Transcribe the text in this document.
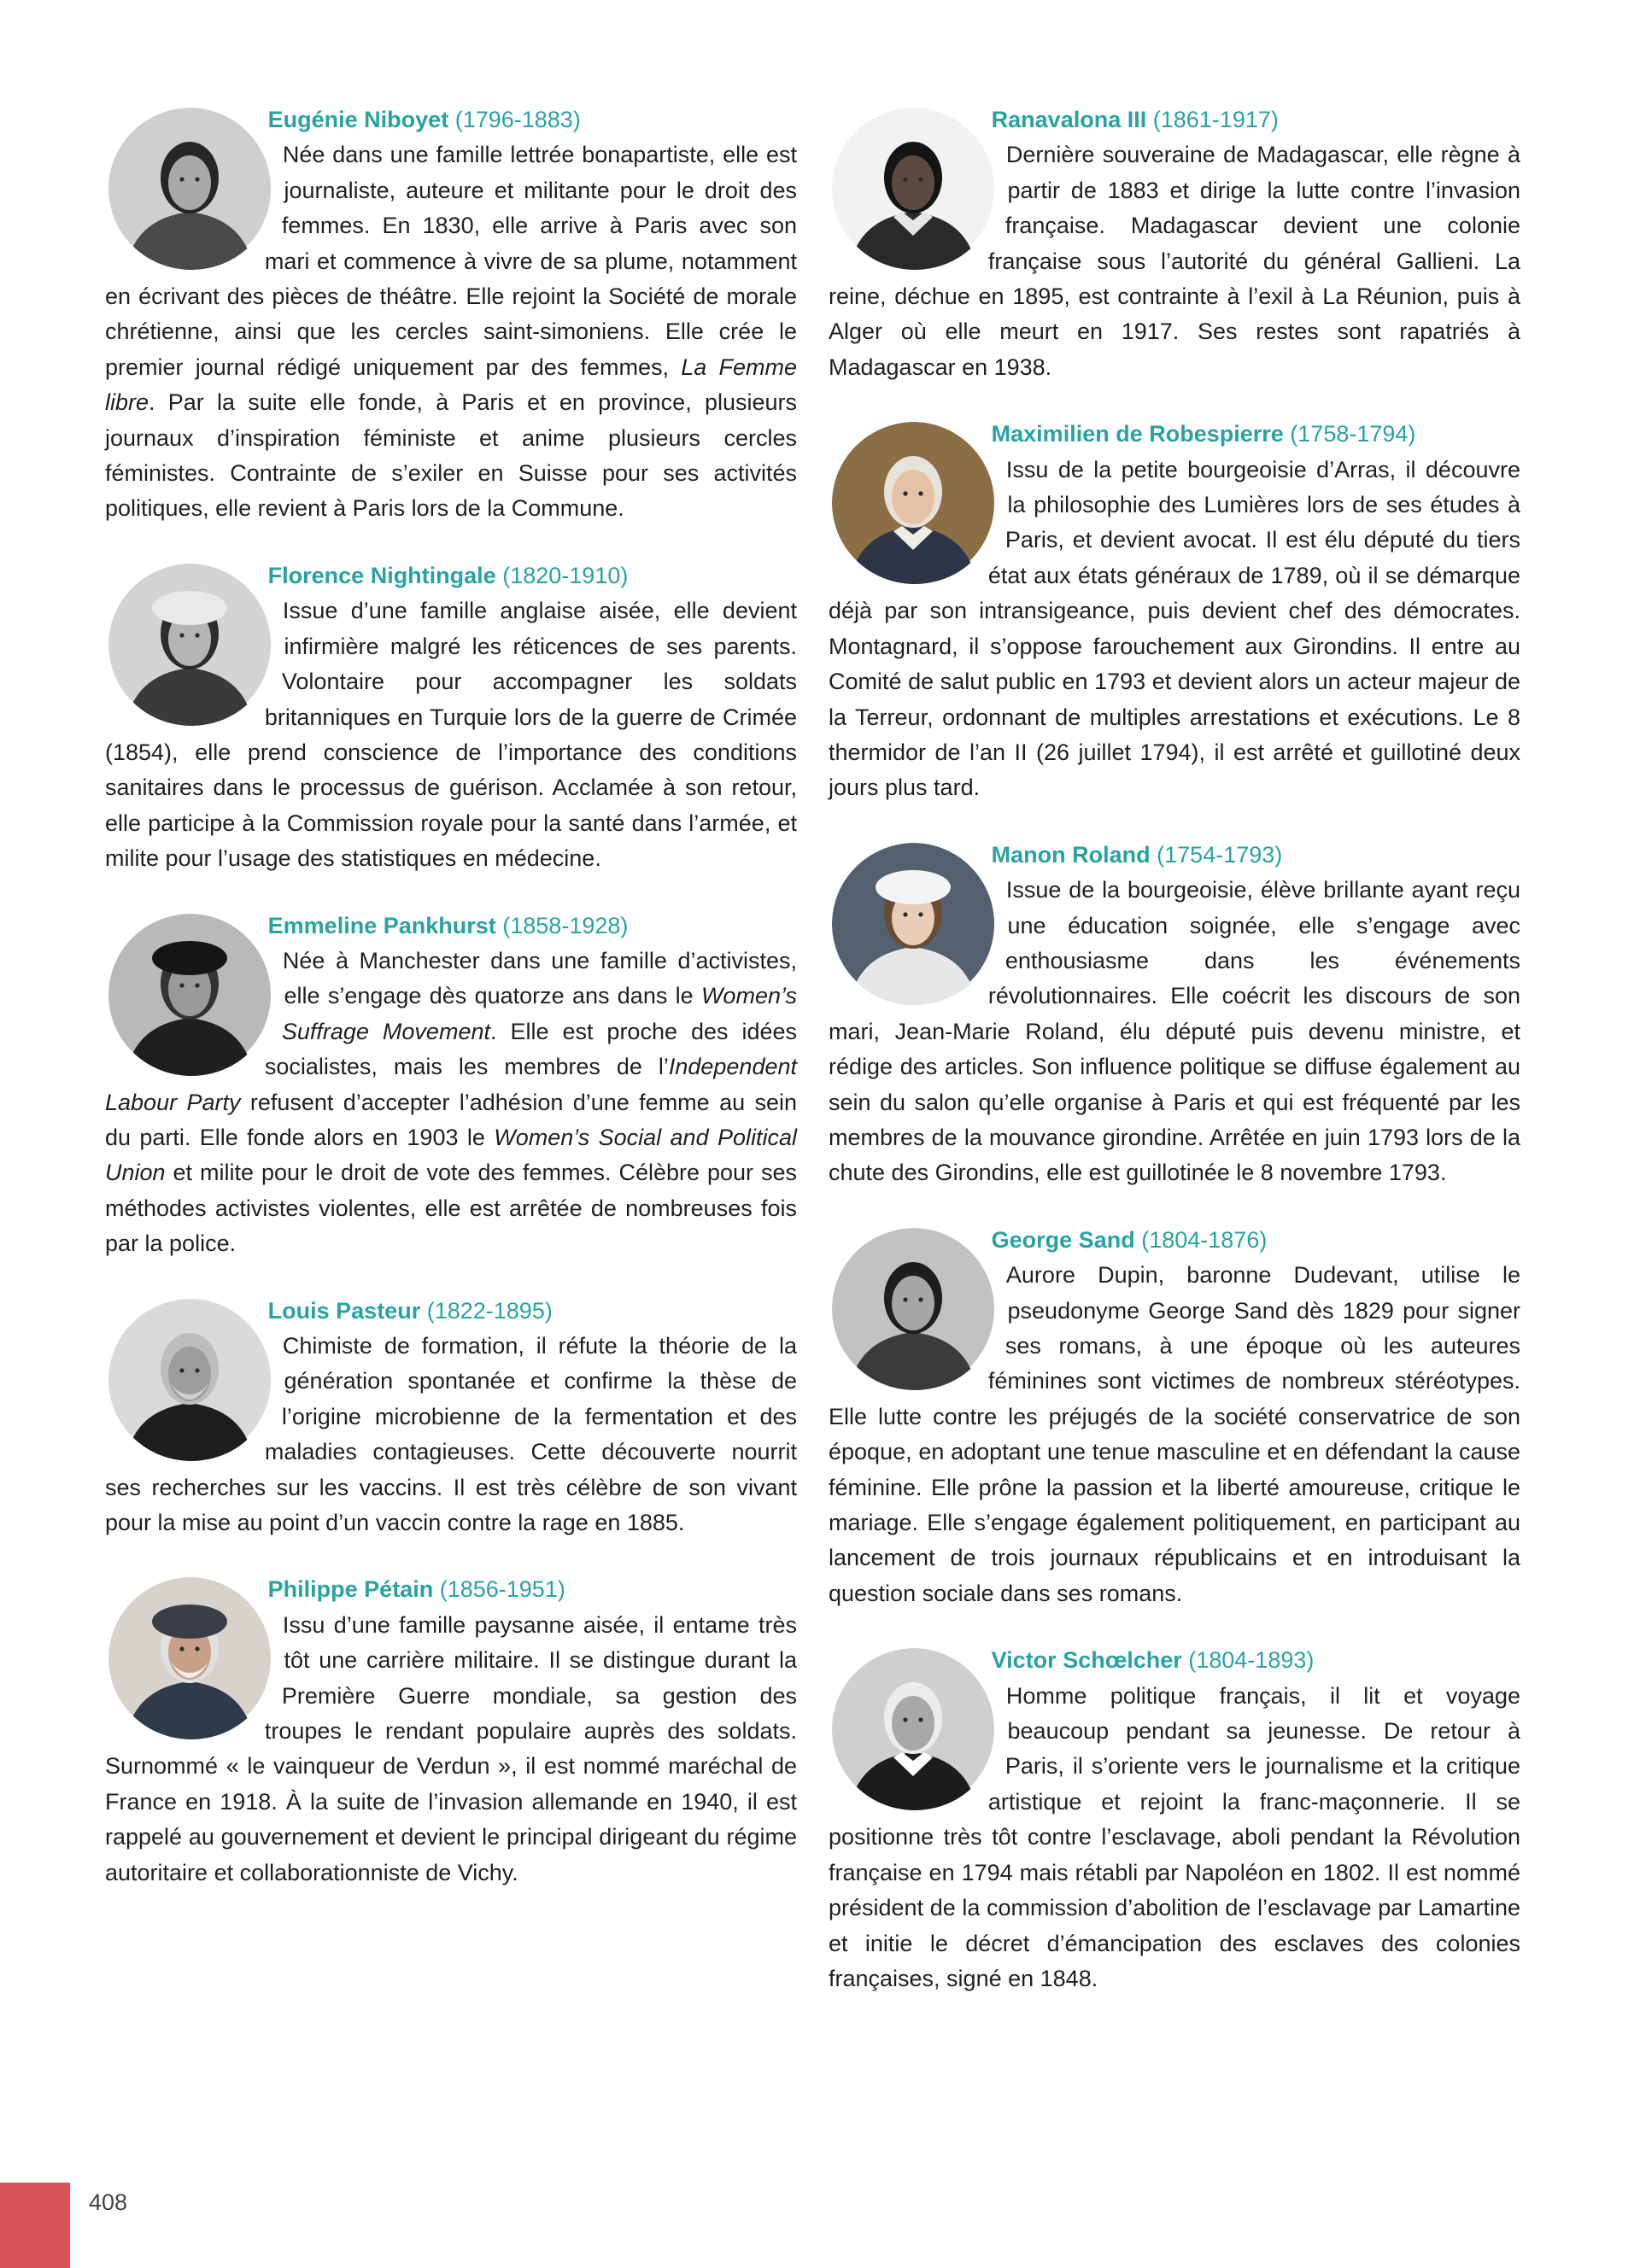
Eugénie Niboyet (1796-1883)

Née dans une famille lettrée bonapartiste, elle est journaliste, auteure et militante pour le droit des femmes. En 1830, elle arrive à Paris avec son mari et commence à vivre de sa plume, notamment en écrivant des pièces de théâtre. Elle rejoint la Société de morale chrétienne, ainsi que les cercles saint-simoniens. Elle crée le premier journal rédigé uniquement par des femmes, La Femme libre. Par la suite elle fonde, à Paris et en province, plusieurs journaux d’inspiration féministe et anime plusieurs cercles féministes. Contrainte de s’exiler en Suisse pour ses activités politiques, elle revient à Paris lors de la Commune.

Florence Nightingale (1820-1910)

Issue d’une famille anglaise aisée, elle devient infirmière malgré les réticences de ses parents. Volontaire pour accompagner les soldats britanniques en Turquie lors de la guerre de Crimée (1854), elle prend conscience de l’importance des conditions sanitaires dans le processus de guérison. Acclamée à son retour, elle participe à la Commission royale pour la santé dans l’armée, et milite pour l’usage des statistiques en médecine.

Emmeline Pankhurst (1858-1928)

Née à Manchester dans une famille d’activistes, elle s’engage dès quatorze ans dans le Women’s Suffrage Movement. Elle est proche des idées socialistes, mais les membres de l’Independent Labour Party refusent d’accepter l’adhésion d’une femme au sein du parti. Elle fonde alors en 1903 le Women’s Social and Political Union et milite pour le droit de vote des femmes. Célèbre pour ses méthodes activistes violentes, elle est arrêtée de nombreuses fois par la police.

Louis Pasteur (1822-1895)

Chimiste de formation, il réfute la théorie de la génération spontanée et confirme la thèse de l’origine microbienne de la fermentation et des maladies contagieuses. Cette découverte nourrit ses recherches sur les vaccins. Il est très célèbre de son vivant pour la mise au point d’un vaccin contre la rage en 1885.

Philippe Pétain (1856-1951)

Issu d’une famille paysanne aisée, il entame très tôt une carrière militaire. Il se distingue durant la Première Guerre mondiale, sa gestion des troupes le rendant populaire auprès des soldats. Surnommé « le vainqueur de Verdun », il est nommé maréchal de France en 1918. À la suite de l’invasion allemande en 1940, il est rappelé au gouvernement et devient le principal dirigeant du régime autoritaire et collaborationniste de Vichy.

Ranavalona III (1861-1917)

Dernière souveraine de Madagascar, elle règne à partir de 1883 et dirige la lutte contre l’invasion française. Madagascar devient une colonie française sous l’autorité du général Gallieni. La reine, déchue en 1895, est contrainte à l’exil à La Réunion, puis à Alger où elle meurt en 1917. Ses restes sont rapatriés à Madagascar en 1938.

Maximilien de Robespierre (1758-1794)

Issu de la petite bourgeoisie d’Arras, il découvre la philosophie des Lumières lors de ses études à Paris, et devient avocat. Il est élu député du tiers état aux états généraux de 1789, où il se démarque déjà par son intransigeance, puis devient chef des démocrates. Montagnard, il s’oppose farouchement aux Girondins. Il entre au Comité de salut public en 1793 et devient alors un acteur majeur de la Terreur, ordonnant de multiples arrestations et exécutions. Le 8 thermidor de l’an II (26 juillet 1794), il est arrêté et guillotiné deux jours plus tard.

Manon Roland (1754-1793)

Issue de la bourgeoisie, élève brillante ayant reçu une éducation soignée, elle s’engage avec enthousiasme dans les événements révolutionnaires. Elle coécrit les discours de son mari, Jean-Marie Roland, élu député puis devenu ministre, et rédige des articles. Son influence politique se diffuse également au sein du salon qu’elle organise à Paris et qui est fréquenté par les membres de la mouvance girondine. Arrêtée en juin 1793 lors de la chute des Girondins, elle est guillotinée le 8 novembre 1793.

George Sand (1804-1876)

Aurore Dupin, baronne Dudevant, utilise le pseudonyme George Sand dès 1829 pour signer ses romans, à une époque où les auteures féminines sont victimes de nombreux stéréotypes. Elle lutte contre les préjugés de la société conservatrice de son époque, en adoptant une tenue masculine et en défendant la cause féminine. Elle prône la passion et la liberté amoureuse, critique le mariage. Elle s’engage également politiquement, en participant au lancement de trois journaux républicains et en introduisant la question sociale dans ses romans.

Victor Schœlcher (1804-1893)

Homme politique français, il lit et voyage beaucoup pendant sa jeunesse. De retour à Paris, il s’oriente vers le journalisme et la critique artistique et rejoint la franc-maçonnerie. Il se positionne très tôt contre l’esclavage, aboli pendant la Révolution française en 1794 mais rétabli par Napoléon en 1802. Il est nommé président de la commission d’abolition de l’esclavage par Lamartine et initie le décret d’émancipation des esclaves des colonies françaises, signé en 1848.

408
